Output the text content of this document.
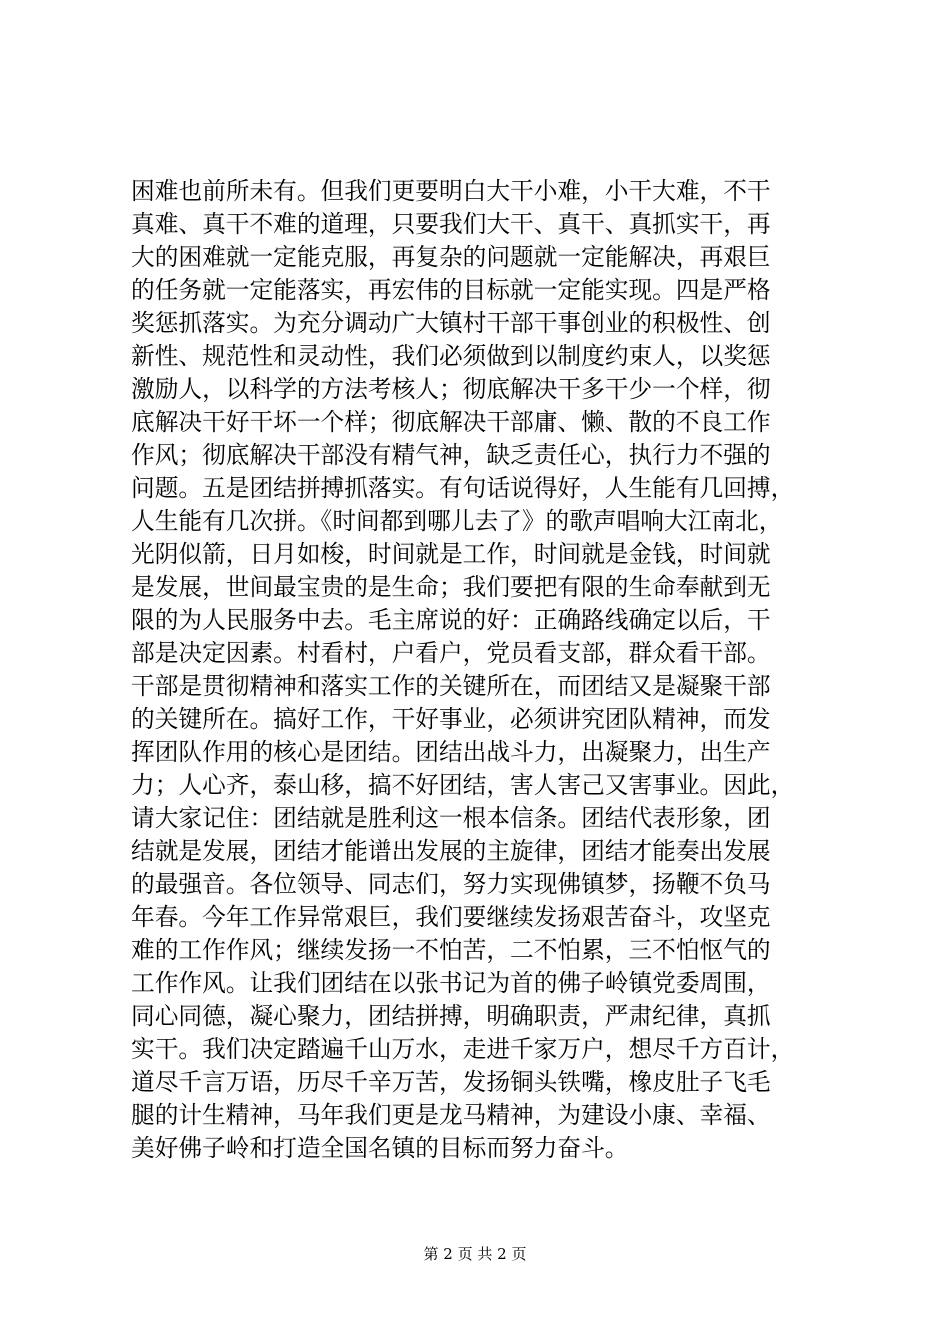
困难也前所未有。但我们更要明白大干小难，小干大难，不干
真难、真干不难的道理，只要我们大干、真干、真抓实干，再
大的困难就一定能克服，再复杂的问题就一定能解决，再艰巨
的任务就一定能落实，再宏伟的目标就一定能实现。四是严格
奖惩抓落实。为充分调动广大镇村干部干事创业的积极性、创
新性、规范性和灵动性，我们必须做到以制度约束人，以奖惩
激励人，以科学的方法考核人；彻底解决干多干少一个样，彻
底解决干好干坏一个样；彻底解决干部庸、懒、散的不良工作
作风；彻底解决干部没有精气神，缺乏责任心，执行力不强的
问题。五是团结拼搏抓落实。有句话说得好，人生能有几回搏，
人生能有几次拼。《时间都到哪儿去了》的歌声唱响大江南北，
光阴似箭，日月如梭，时间就是工作，时间就是金钱，时间就
是发展，世间最宝贵的是生命；我们要把有限的生命奉献到无
限的为人民服务中去。毛主席说的好：正确路线确定以后，干
部是决定因素。村看村，户看户，党员看支部，群众看干部。
干部是贯彻精神和落实工作的关键所在，而团结又是凝聚干部
的关键所在。搞好工作，干好事业，必须讲究团队精神，而发
挥团队作用的核心是团结。团结出战斗力，出凝聚力，出生产
力；人心齐，泰山移，搞不好团结，害人害己又害事业。因此，
请大家记住：团结就是胜利这一根本信条。团结代表形象，团
结就是发展，团结才能谱出发展的主旋律，团结才能奏出发展
的最强音。各位领导、同志们，努力实现佛镇梦，扬鞭不负马
年春。今年工作异常艰巨，我们要继续发扬艰苦奋斗，攻坚克
难的工作作风；继续发扬一不怕苦，二不怕累，三不怕怄气的
工作作风。让我们团结在以张书记为首的佛子岭镇党委周围，
同心同德，凝心聚力，团结拼搏，明确职责，严肃纪律，真抓
实干。我们决定踏遍千山万水，走进千家万户，想尽千方百计，
道尽千言万语，历尽千辛万苦，发扬铜头铁嘴，橡皮肚子飞毛
腿的计生精神，马年我们更是龙马精神，为建设小康、幸福、
美好佛子岭和打造全国名镇的目标而努力奋斗。
第 2 页 共 2 页
